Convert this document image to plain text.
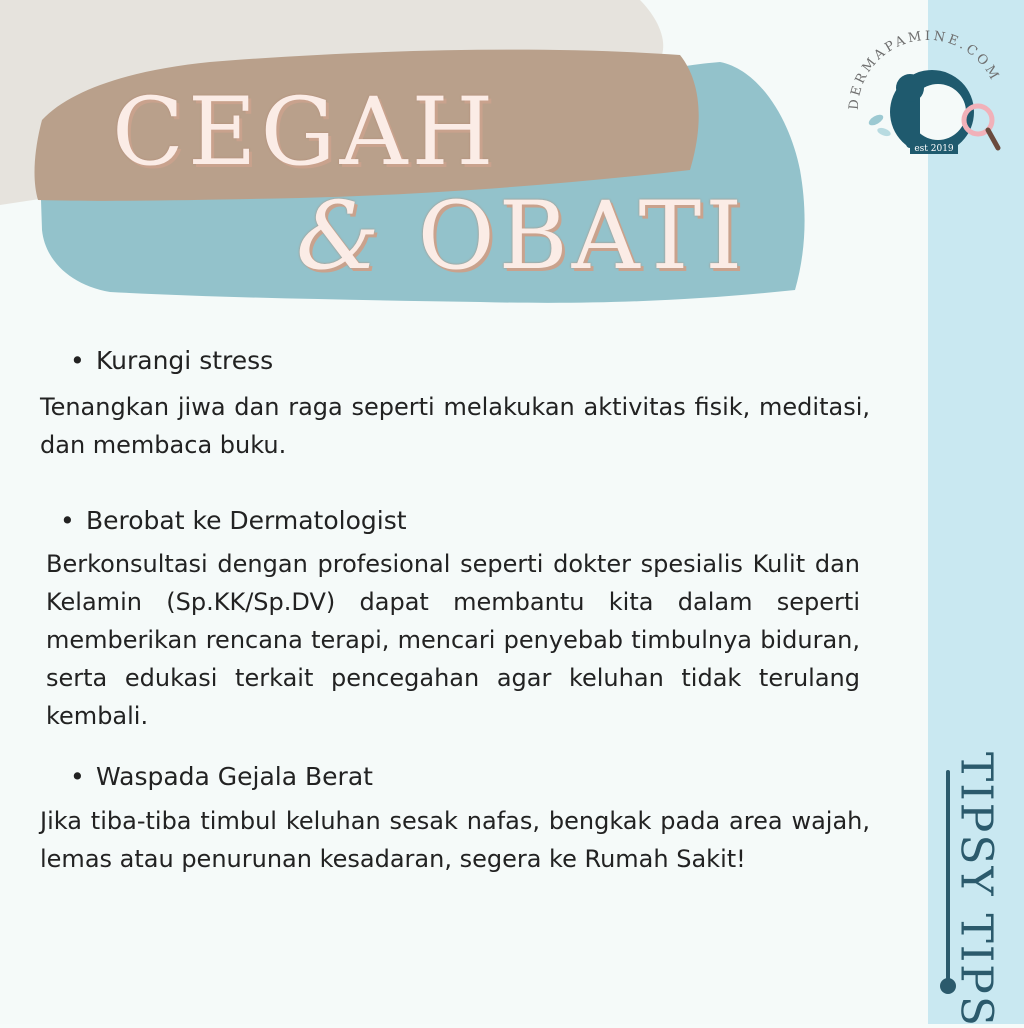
TIPSY TIPS
CEGAH
& OBATI
DERMAPAMINE.COM
est 2019
• Kurangi stress
Tenangkan jiwa dan raga seperti melakukan aktivitas fisik, meditasi, dan membaca buku.
• Berobat ke Dermatologist
Berkonsultasi dengan profesional seperti dokter spesialis Kulit dan Kelamin (Sp.KK/Sp.DV) dapat membantu kita dalam seperti memberikan rencana terapi, mencari penyebab timbulnya biduran, serta edukasi terkait pencegahan agar keluhan tidak terulang kembali.
• Waspada Gejala Berat
Jika tiba-tiba timbul keluhan sesak nafas, bengkak pada area wajah, lemas atau penurunan kesadaran, segera ke Rumah Sakit!
